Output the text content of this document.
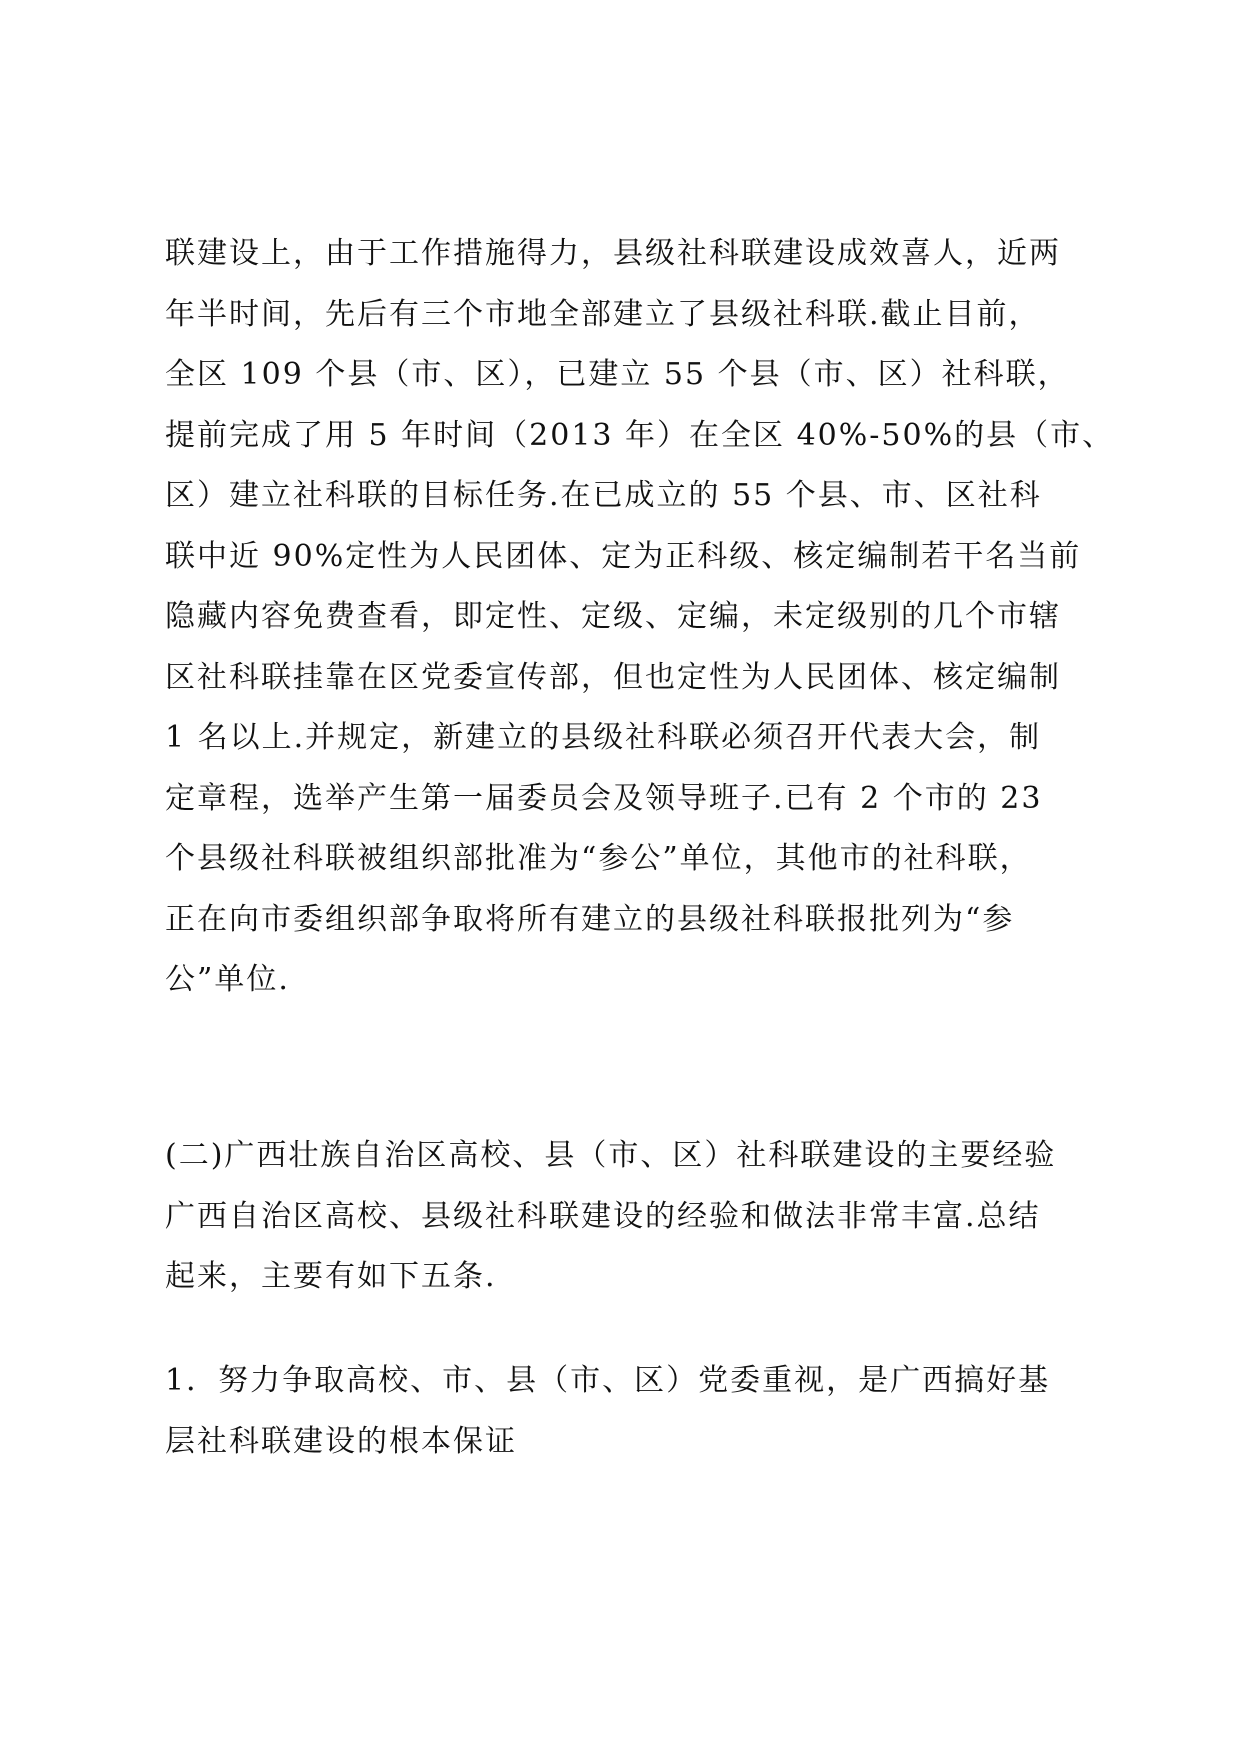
联建设上，由于工作措施得力，县级社科联建设成效喜人，近两
年半时间，先后有三个市地全部建立了县级社科联.截止目前，
全区 109 个县（市、区），已建立 55 个县（市、区）社科联，
提前完成了用 5 年时间（2013 年）在全区 40%-50%的县（市、
区）建立社科联的目标任务.在已成立的 55 个县、市、区社科
联中近 90%定性为人民团体、定为正科级、核定编制若干名当前
隐藏内容免费查看，即定性、定级、定编，未定级别的几个市辖
区社科联挂靠在区党委宣传部，但也定性为人民团体、核定编制
1 名以上.并规定，新建立的县级社科联必须召开代表大会，制
定章程，选举产生第一届委员会及领导班子.已有 2 个市的 23
个县级社科联被组织部批准为“参公”单位，其他市的社科联，
正在向市委组织部争取将所有建立的县级社科联报批列为“参
公”单位.
(二)广西壮族自治区高校、县（市、区）社科联建设的主要经验
广西自治区高校、县级社科联建设的经验和做法非常丰富.总结
起来，主要有如下五条.
1．努力争取高校、市、县（市、区）党委重视，是广西搞好基
层社科联建设的根本保证
